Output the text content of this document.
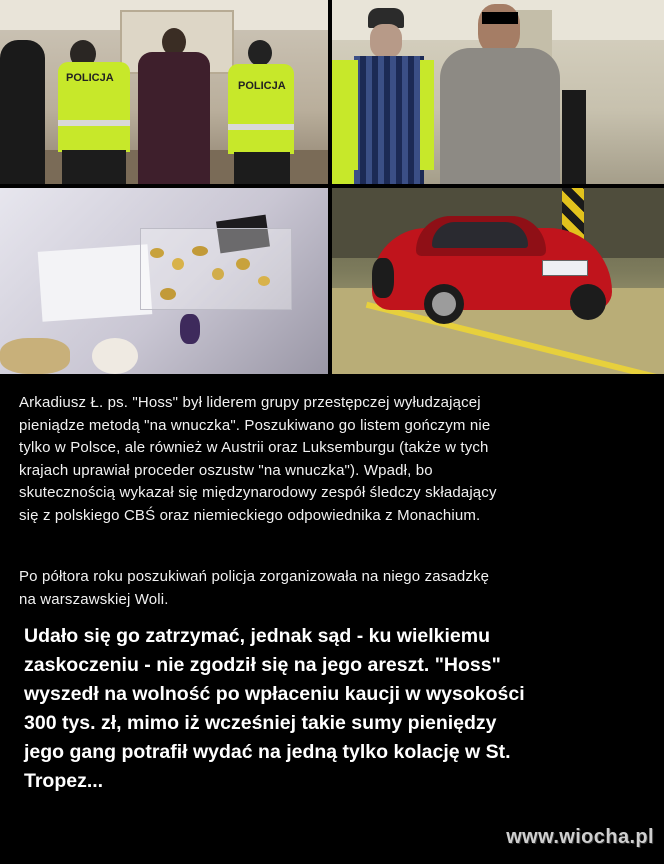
POLICJA
POLICJA
Arkadiusz Ł. ps. "Hoss" był liderem grupy przestępczej wyłudzającej
pieniądze metodą "na wnuczka". Poszukiwano go listem gończym nie
tylko w Polsce, ale również w Austrii oraz Luksemburgu (także w tych
krajach uprawiał proceder oszustw "na wnuczka"). Wpadł, bo
skutecznością wykazał się międzynarodowy zespół śledczy składający
się z polskiego CBŚ oraz niemieckiego odpowiednika z Monachium.
Po półtora roku poszukiwań policja zorganizowała na niego zasadzkę
na warszawskiej Woli.
Udało się go zatrzymać, jednak sąd - ku wielkiemu
zaskoczeniu - nie zgodził się na jego areszt. "Hoss"
wyszedł na wolność po wpłaceniu kaucji w wysokości
300 tys. zł, mimo iż wcześniej takie sumy pieniędzy
jego gang potrafił wydać na jedną tylko kolację w St.
Tropez...
www.wiocha.pl
